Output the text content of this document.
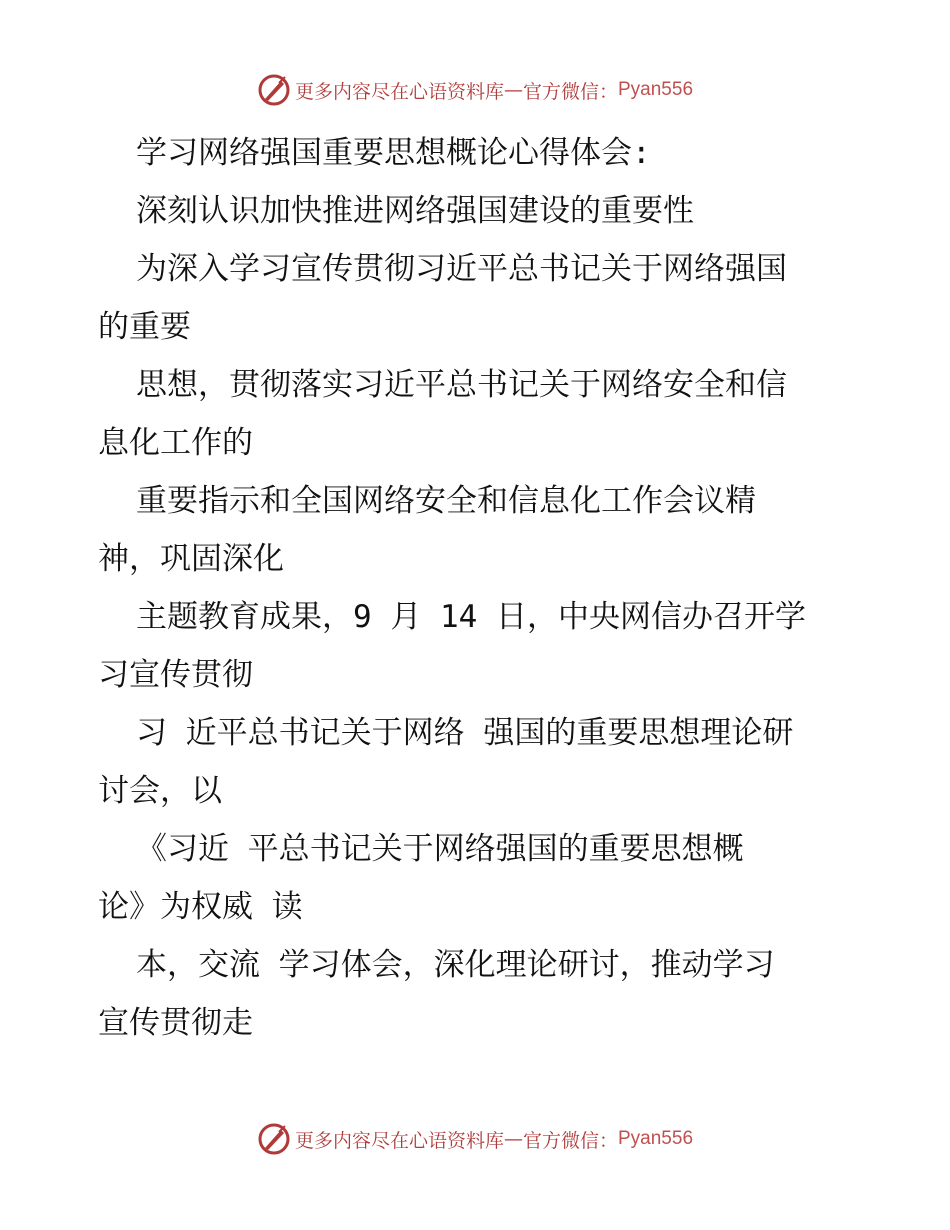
更多内容尽在心语资料库 — 官方微信： Pyan556
学习网络强国重要思想概论心得体会:
深刻认识加快推进网络强国建设的重要性
为深入学习宣传贯彻习近平总书记关于网络强国
的重要
思想，贯彻落实习近平总书记关于网络安全和信
息化工作的
重要指示和全国网络安全和信息化工作会议精
神，巩固深化
主题教育成果，9 月 14 日，中央网信办召开学
习宣传贯彻
习 近平总书记关于网络 强国的重要思想理论研
讨会，以
《习近 平总书记关于网络强国的重要思想概
论》为权威 读
本，交流 学习体会，深化理论研讨，推动学习
宣传贯彻走
更多内容尽在心语资料库 — 官方微信： Pyan556
